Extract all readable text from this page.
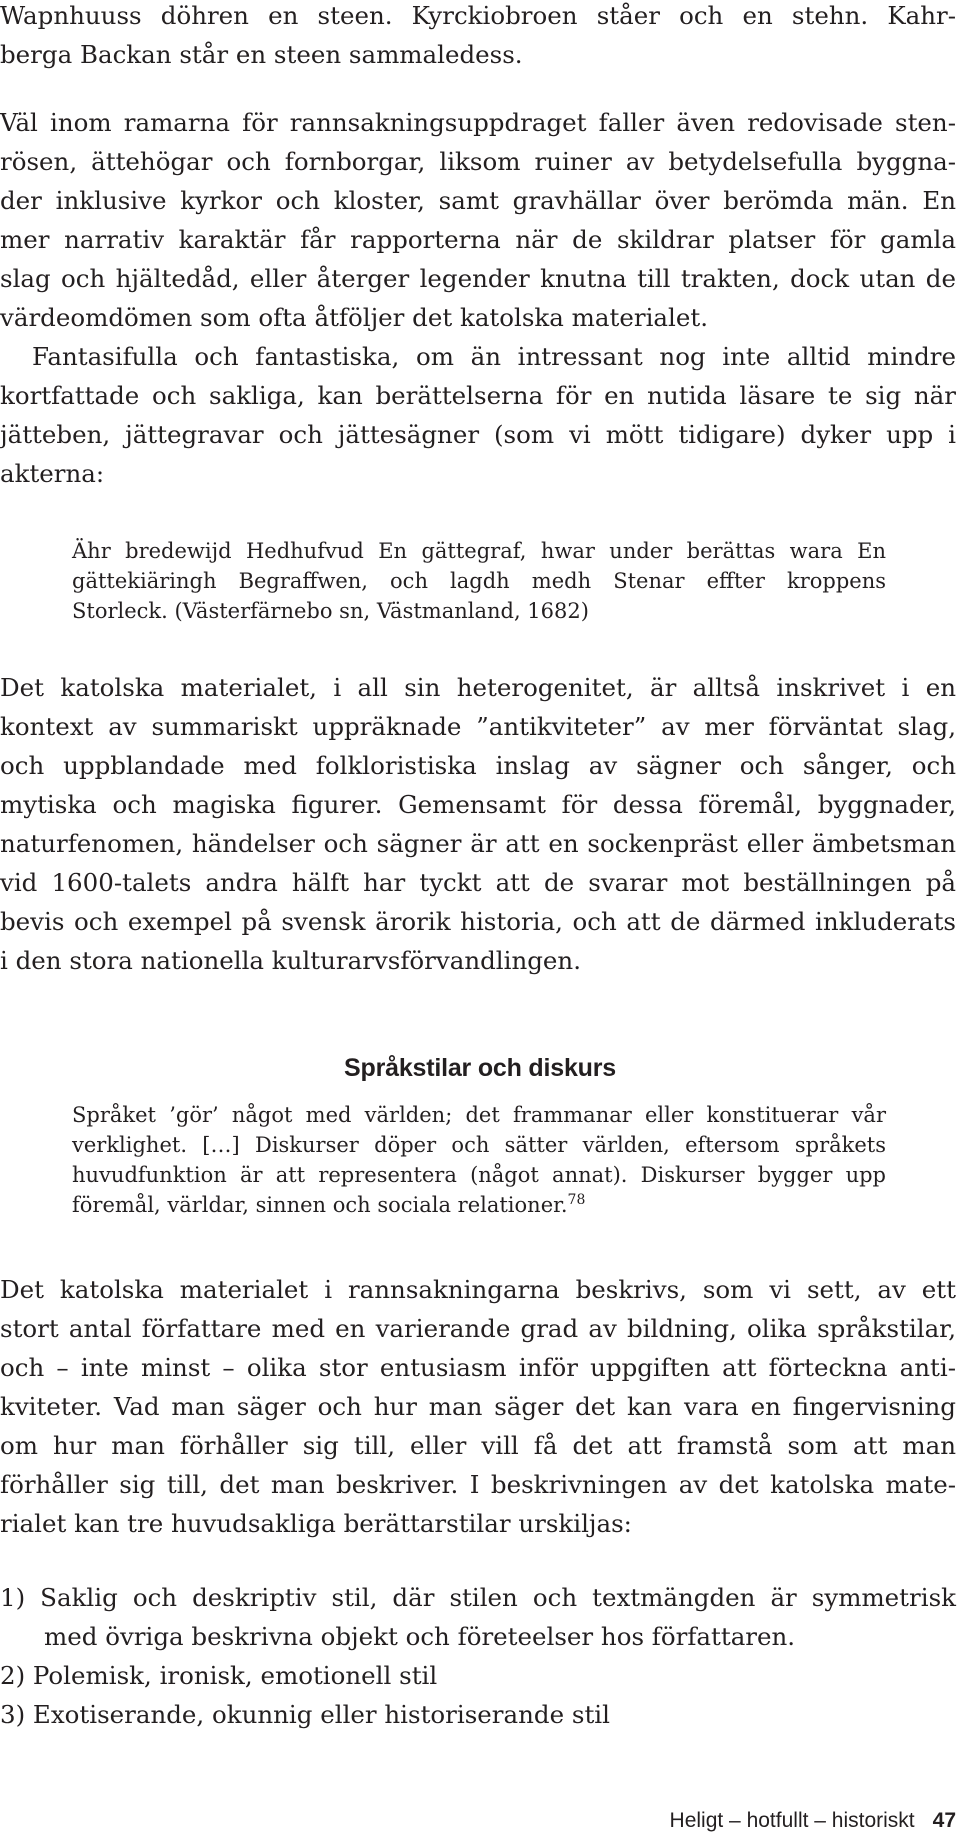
Wapnhuuss döhren en steen. Kyrckiobroen ståer och en stehn. Kahr-
berga Backan står en steen sammaledess.
Väl inom ramarna för rannsakningsuppdraget faller även redovisade sten-
rösen, ättehögar och fornborgar, liksom ruiner av betydelsefulla byggna-
der inklusive kyrkor och kloster, samt gravhällar över berömda män. En
mer narrativ karaktär får rapporterna när de skildrar platser för gamla
slag och hjältedåd, eller återger legender knutna till trakten, dock utan de
värdeomdömen som ofta åtföljer det katolska materialet.
Fantasifulla och fantastiska, om än intressant nog inte alltid mindre
kortfattade och sakliga, kan berättelserna för en nutida läsare te sig när
jätteben, jättegravar och jättesägner (som vi mött tidigare) dyker upp i
akterna:
Ähr bredewijd Hedhufvud En gättegraf, hwar under berättas wara En
gättekiäringh Begraffwen, och lagdh medh Stenar effter kroppens
Storleck. (Västerfärnebo sn, Västmanland, 1682)
Det katolska materialet, i all sin heterogenitet, är alltså inskrivet i en
kontext av summariskt uppräknade ”antikviteter” av mer förväntat slag,
och uppblandade med folkloristiska inslag av sägner och sånger, och
mytiska och magiska figurer. Gemensamt för dessa föremål, byggnader,
naturfenomen, händelser och sägner är att en sockenpräst eller ämbetsman
vid 1600-talets andra hälft har tyckt att de svarar mot beställningen på
bevis och exempel på svensk ärorik historia, och att de därmed inkluderats
i den stora nationella kulturarvsförvandlingen.
Språkstilar och diskurs
Språket ’gör’ något med världen; det frammanar eller konstituerar vår
verklighet. […] Diskurser döper och sätter världen, eftersom språkets
huvudfunktion är att representera (något annat). Diskurser bygger upp
föremål, världar, sinnen och sociala relationer.$^{78}$
Det katolska materialet i rannsakningarna beskrivs, som vi sett, av ett
stort antal författare med en varierande grad av bildning, olika språkstilar,
och – inte minst – olika stor entusiasm inför uppgiften att förteckna anti-
kviteter. Vad man säger och hur man säger det kan vara en fingervisning
om hur man förhåller sig till, eller vill få det att framstå som att man
förhåller sig till, det man beskriver. I beskrivningen av det katolska mate-
rialet kan tre huvudsakliga berättarstilar urskiljas:
1) Saklig och deskriptiv stil, där stilen och textmängden är symmetrisk
med övriga beskrivna objekt och företeelser hos författaren.
2) Polemisk, ironisk, emotionell stil
3) Exotiserande, okunnig eller historiserande stil
Heligt – hotfullt – historiskt 47
